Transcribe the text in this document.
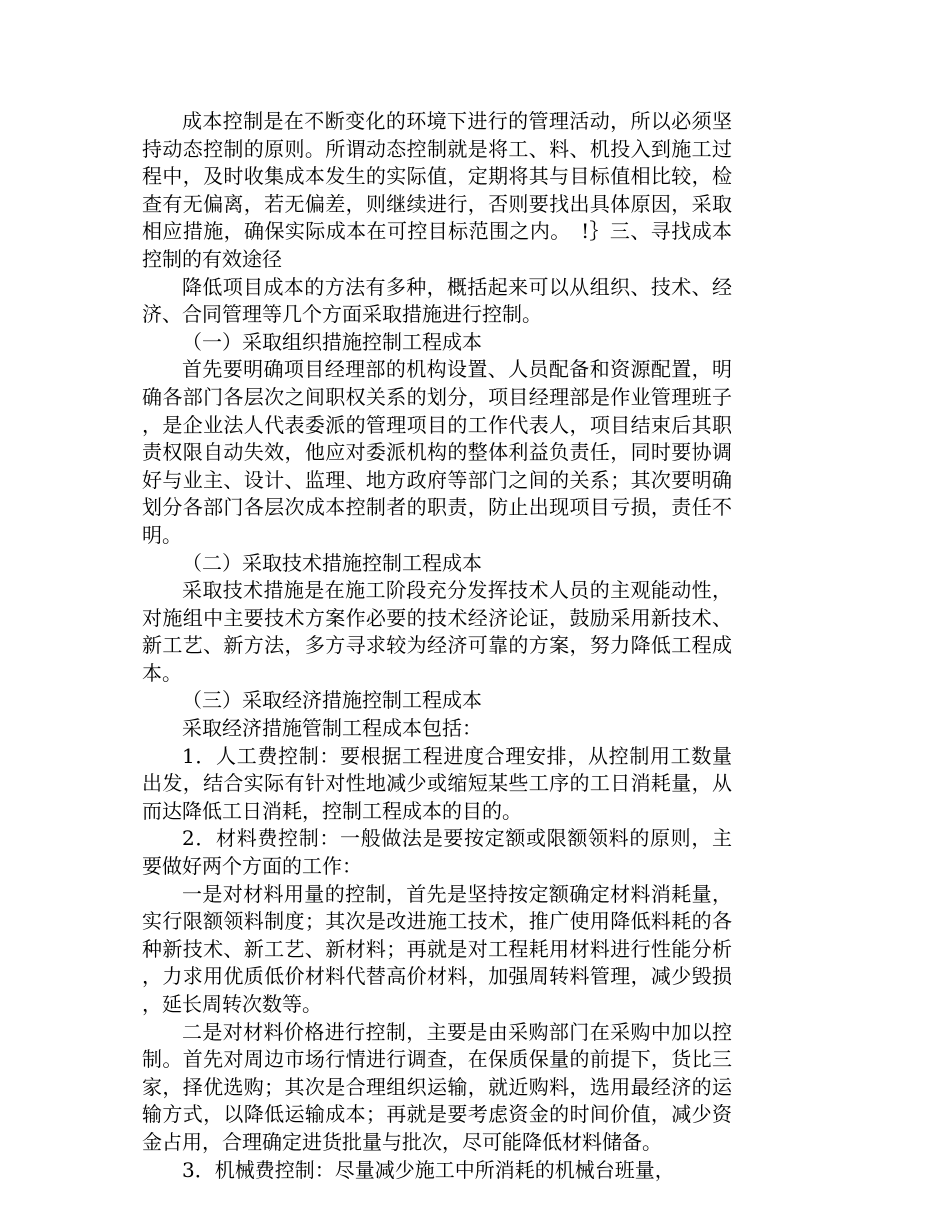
成本控制是在不断变化的环境下进行的管理活动，所以必须坚持动态控制的原则。所谓动态控制就是将工、料、机投入到施工过程中，及时收集成本发生的实际值，定期将其与目标值相比较，检查有无偏离，若无偏差，则继续进行，否则要找出具体原因，采取相应措施，确保实际成本在可控目标范围之内。　!｝三、寻找成本控制的有效途径

降低项目成本的方法有多种，概括起来可以从组织、技术、经济、合同管理等几个方面采取措施进行控制。

（一）采取组织措施控制工程成本

首先要明确项目经理部的机构设置、人员配备和资源配置，明确各部门各层次之间职权关系的划分，项目经理部是作业管理班子，是企业法人代表委派的管理项目的工作代表人，项目结束后其职责权限自动失效，他应对委派机构的整体利益负责任，同时要协调好与业主、设计、监理、地方政府等部门之间的关系；其次要明确划分各部门各层次成本控制者的职责，防止出现项目亏损，责任不明。

（二）采取技术措施控制工程成本

采取技术措施是在施工阶段充分发挥技术人员的主观能动性，对施组中主要技术方案作必要的技术经济论证，鼓励采用新技术、新工艺、新方法，多方寻求较为经济可靠的方案，努力降低工程成本。

（三）采取经济措施控制工程成本

采取经济措施管制工程成本包括：

1．人工费控制：要根据工程进度合理安排，从控制用工数量出发，结合实际有针对性地减少或缩短某些工序的工日消耗量，从而达降低工日消耗，控制工程成本的目的。

2．材料费控制：一般做法是要按定额或限额领料的原则，主要做好两个方面的工作：

一是对材料用量的控制，首先是坚持按定额确定材料消耗量，实行限额领料制度；其次是改进施工技术，推广使用降低料耗的各种新技术、新工艺、新材料；再就是对工程耗用材料进行性能分析，力求用优质低价材料代替高价材料，加强周转料管理，减少毁损，延长周转次数等。

二是对材料价格进行控制，主要是由采购部门在采购中加以控制。首先对周边市场行情进行调查，在保质保量的前提下，货比三家，择优选购；其次是合理组织运输，就近购料，选用最经济的运输方式，以降低运输成本；再就是要考虑资金的时间价值，减少资金占用，合理确定进货批量与批次，尽可能降低材料储备。

3．机械费控制：尽量减少施工中所消耗的机械台班量，
